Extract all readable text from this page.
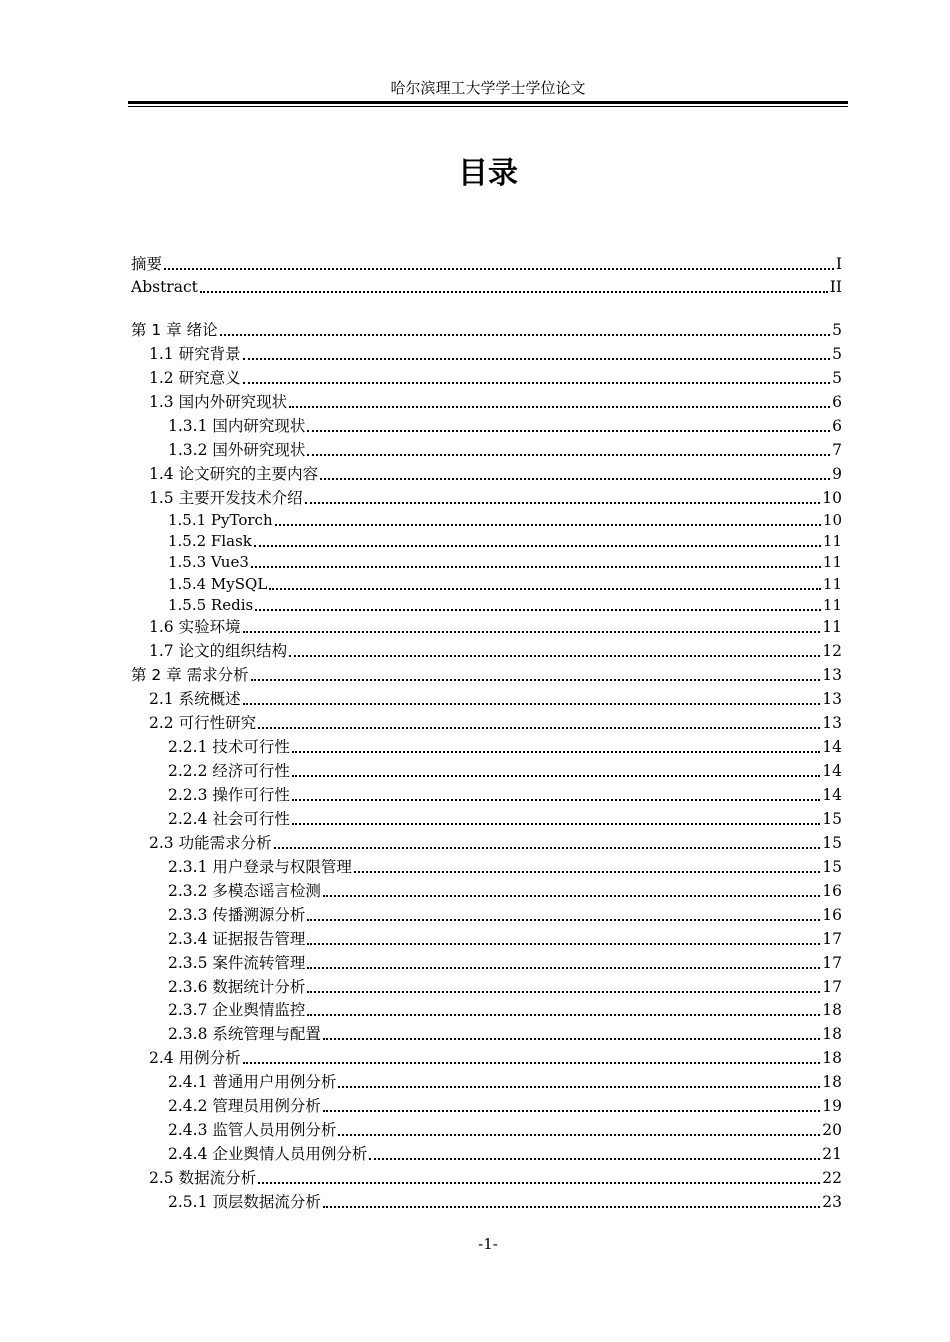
哈尔滨理工大学学士学位论文
目录
摘要	I
Abstract	II
第 1 章 绪论	5
1.1 研究背景	5
1.2 研究意义	5
1.3 国内外研究现状	6
1.3.1 国内研究现状	6
1.3.2 国外研究现状	7
1.4 论文研究的主要内容	9
1.5 主要开发技术介绍	10
1.5.1 PyTorch	10
1.5.2 Flask	11
1.5.3 Vue3	11
1.5.4 MySQL	11
1.5.5 Redis	11
1.6 实验环境	11
1.7 论文的组织结构	12
第 2 章 需求分析	13
2.1 系统概述	13
2.2 可行性研究	13
2.2.1 技术可行性	14
2.2.2 经济可行性	14
2.2.3 操作可行性	14
2.2.4 社会可行性	15
2.3 功能需求分析	15
2.3.1 用户登录与权限管理	15
2.3.2 多模态谣言检测	16
2.3.3 传播溯源分析	16
2.3.4 证据报告管理	17
2.3.5 案件流转管理	17
2.3.6 数据统计分析	17
2.3.7 企业舆情监控	18
2.3.8 系统管理与配置	18
2.4 用例分析	18
2.4.1 普通用户用例分析	18
2.4.2 管理员用例分析	19
2.4.3 监管人员用例分析	20
2.4.4 企业舆情人员用例分析	21
2.5 数据流分析	22
2.5.1 顶层数据流分析	23
-1-
